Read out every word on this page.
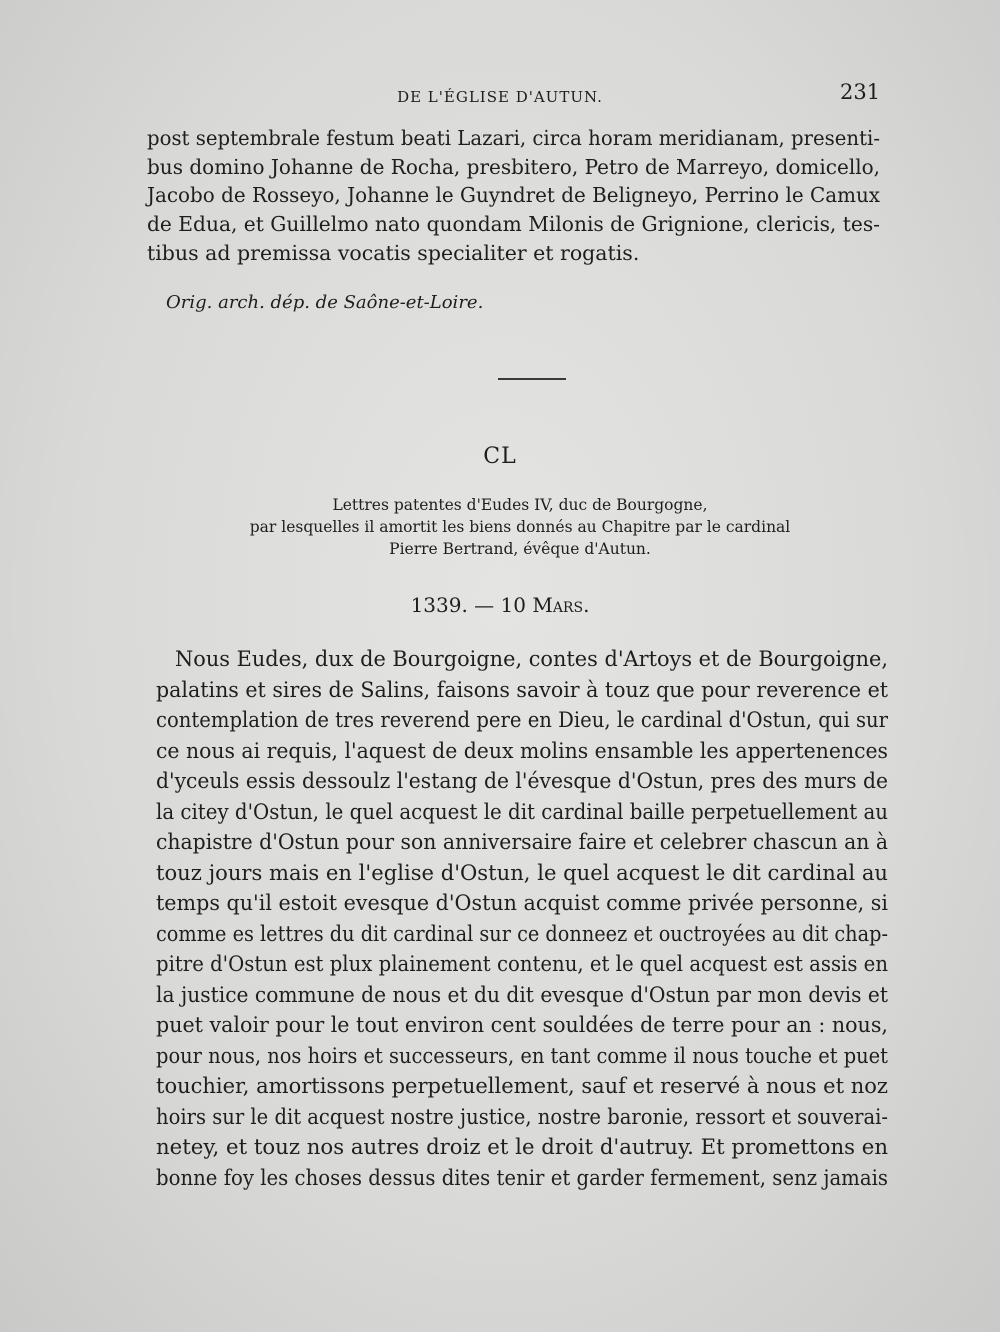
DE L'ÉGLISE D'AUTUN.	231
post septembrale festum beati Lazari, circa horam meridianam, presenti-
bus domino Johanne de Rocha, presbitero, Petro de Marreyo, domicello,
Jacobo de Rosseyo, Johanne le Guyndret de Beligneyo, Perrino le Camux
de Edua, et Guillelmo nato quondam Milonis de Grignione, clericis, tes-
tibus ad premissa vocatis specialiter et rogatis.
Orig. arch. dép. de Saône-et-Loire.
CL
Lettres patentes d'Eudes IV, duc de Bourgogne,
par lesquelles il amortit les biens donnés au Chapitre par le cardinal
Pierre Bertrand, évêque d'Autun.
1339. — 10 Mars.
Nous Eudes, dux de Bourgoigne, contes d'Artoys et de Bourgoigne,
palatins et sires de Salins, faisons savoir à touz que pour reverence et
contemplation de tres reverend pere en Dieu, le cardinal d'Ostun, qui sur
ce nous ai requis, l'aquest de deux molins ensamble les appertenences
d'yceuls essis dessoulz l'estang de l'évesque d'Ostun, pres des murs de
la citey d'Ostun, le quel acquest le dit cardinal baille perpetuellement au
chapistre d'Ostun pour son anniversaire faire et celebrer chascun an à
touz jours mais en l'eglise d'Ostun, le quel acquest le dit cardinal au
temps qu'il estoit evesque d'Ostun acquist comme privée personne, si
comme es lettres du dit cardinal sur ce donneez et ouctroyées au dit chap-
pitre d'Ostun est plux plainement contenu, et le quel acquest est assis en
la justice commune de nous et du dit evesque d'Ostun par mon devis et
puet valoir pour le tout environ cent souldées de terre pour an : nous,
pour nous, nos hoirs et successeurs, en tant comme il nous touche et puet
touchier, amortissons perpetuellement, sauf et reservé à nous et noz
hoirs sur le dit acquest nostre justice, nostre baronie, ressort et souverai-
netey, et touz nos autres droiz et le droit d'autruy. Et promettons en
bonne foy les choses dessus dites tenir et garder fermement, senz jamais
